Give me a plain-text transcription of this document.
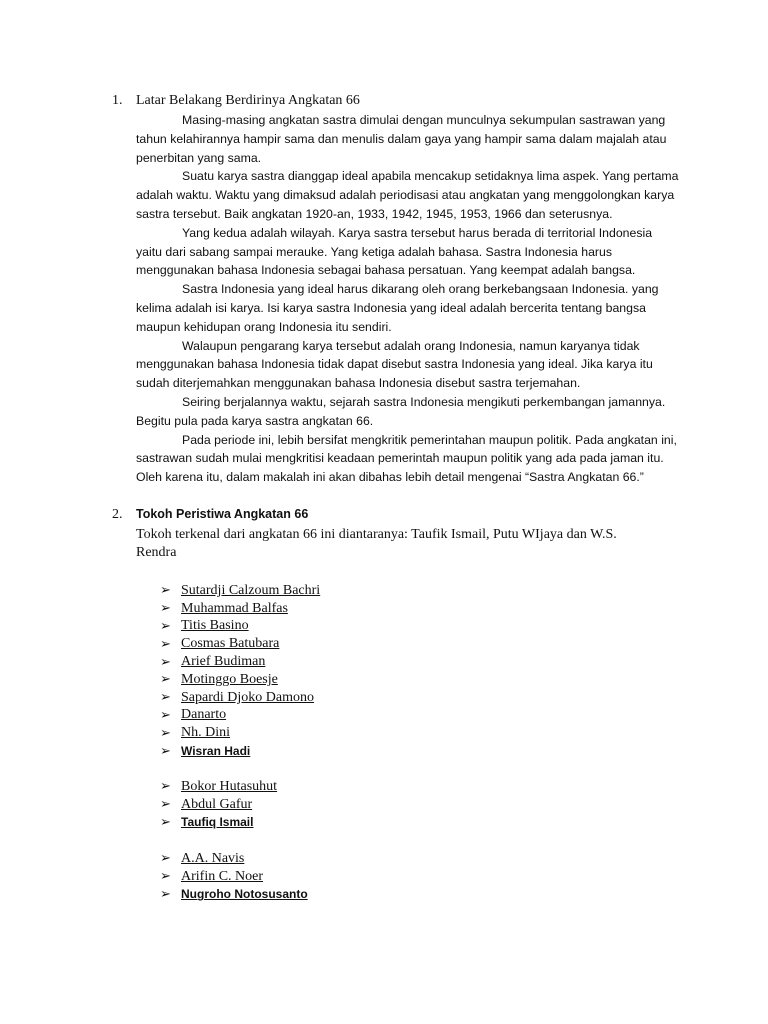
1. Latar Belakang Berdirinya Angkatan 66

Masing-masing angkatan sastra dimulai dengan munculnya sekumpulan sastrawan yang tahun kelahirannya hampir sama dan menulis dalam gaya yang hampir sama dalam majalah atau penerbitan yang sama.

Suatu karya sastra dianggap ideal apabila mencakup setidaknya lima aspek. Yang pertama adalah waktu. Waktu yang dimaksud adalah periodisasi atau angkatan yang menggolongkan karya sastra tersebut. Baik angkatan 1920-an, 1933, 1942, 1945, 1953, 1966 dan seterusnya.

Yang kedua adalah wilayah. Karya sastra tersebut harus berada di territorial Indonesia yaitu dari sabang sampai merauke. Yang ketiga adalah bahasa. Sastra Indonesia harus menggunakan bahasa Indonesia sebagai bahasa persatuan. Yang keempat adalah bangsa.

Sastra Indonesia yang ideal harus dikarang oleh orang berkebangsaan Indonesia. yang kelima adalah isi karya. Isi karya sastra Indonesia yang ideal adalah bercerita tentang bangsa maupun kehidupan orang Indonesia itu sendiri.

Walaupun pengarang karya tersebut adalah orang Indonesia, namun karyanya tidak menggunakan bahasa Indonesia tidak dapat disebut sastra Indonesia yang ideal. Jika karya itu sudah diterjemahkan menggunakan bahasa Indonesia disebut sastra terjemahan.

Seiring berjalannya waktu, sejarah sastra Indonesia mengikuti perkembangan jamannya. Begitu pula pada karya sastra angkatan 66.

Pada periode ini, lebih bersifat mengkritik pemerintahan maupun politik. Pada angkatan ini, sastrawan sudah mulai mengkritisi keadaan pemerintah maupun politik yang ada pada jaman itu. Oleh karena itu, dalam makalah ini akan dibahas lebih detail mengenai “Sastra Angkatan 66.”

2.	Tokoh Peristiwa Angkatan 66
Tokoh terkenal dari angkatan 66 ini diantaranya: Taufik Ismail, Putu WIjaya dan W.S. Rendra
➢ Sutardji Calzoum Bachri
➢ Muhammad Balfas
➢ Titis Basino
➢ Cosmas Batubara
➢ Arief Budiman
➢ Motinggo Boesje
➢ Sapardi Djoko Damono
➢ Danarto
➢ Nh. Dini
➢ Wisran Hadi
➢ Bokor Hutasuhut
➢ Abdul Gafur
➢ Taufiq Ismail
➢ A.A. Navis
➢ Arifin C. Noer
➢ Nugroho Notosusanto
